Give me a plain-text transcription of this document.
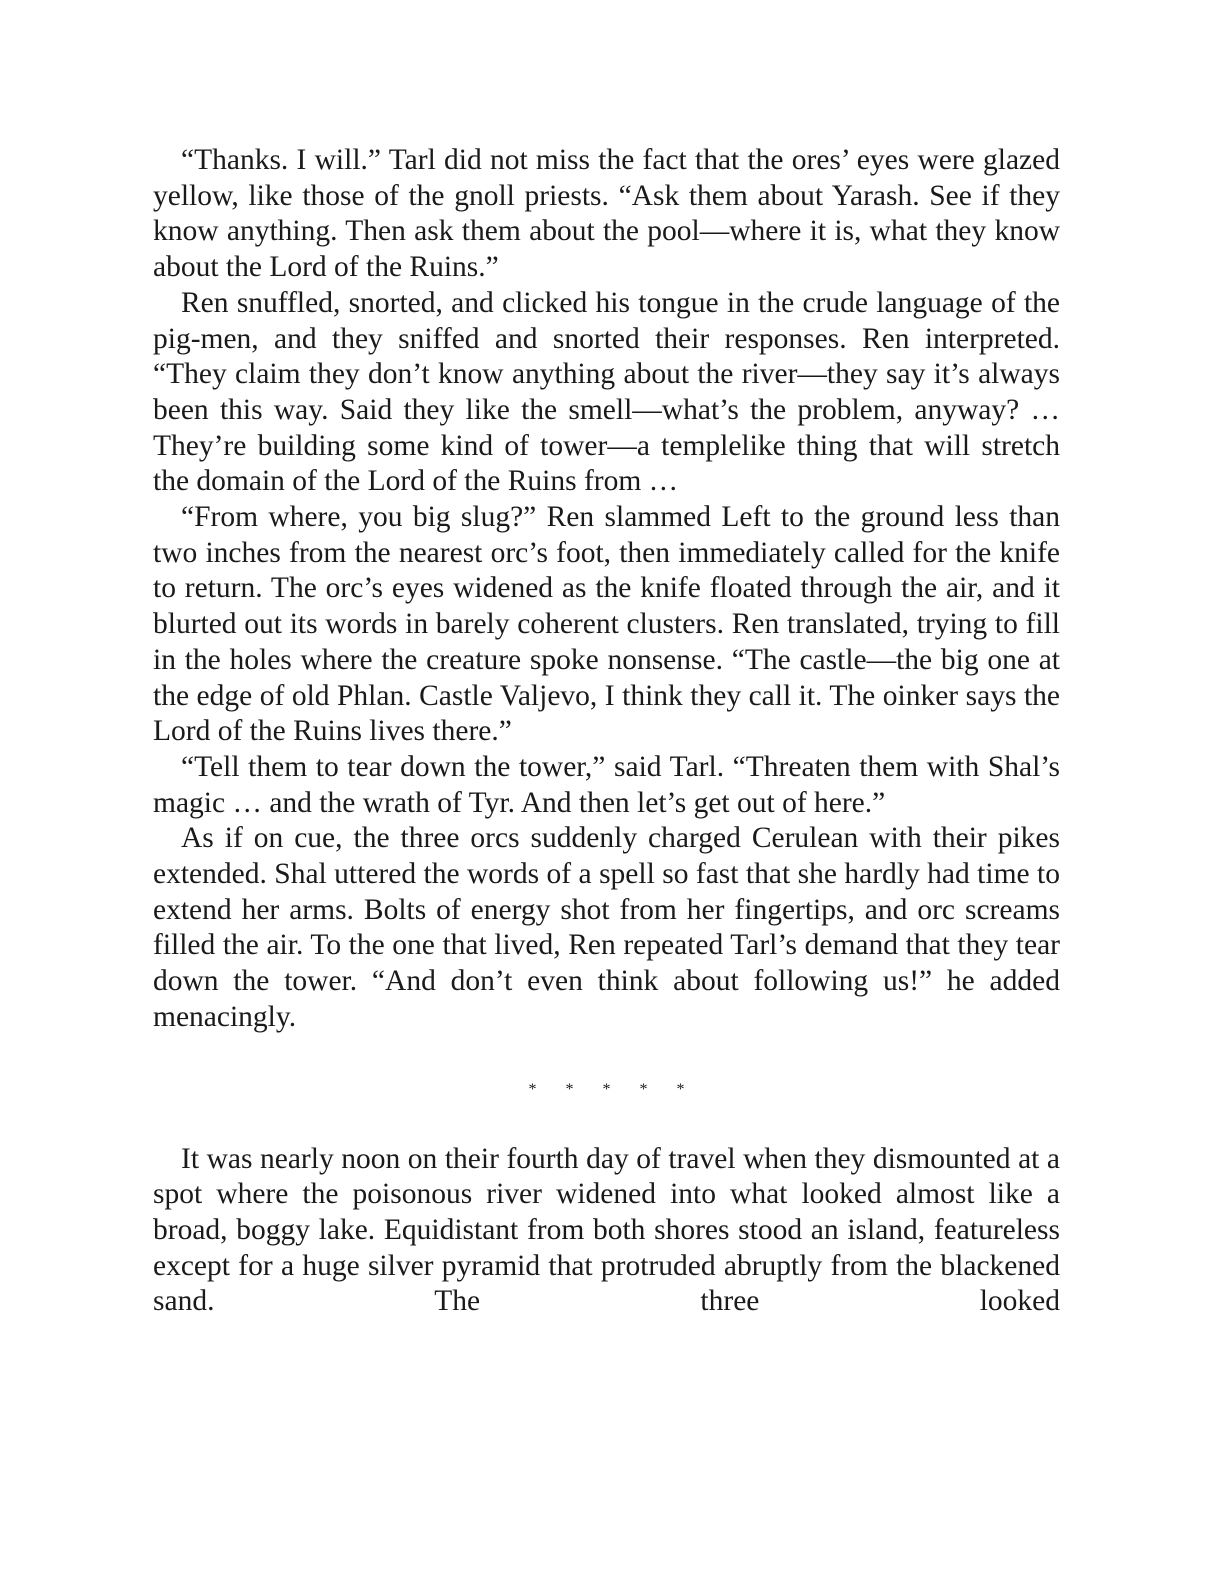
“Thanks. I will.” Tarl did not miss the fact that the ores’ eyes were glazed yellow, like those of the gnoll priests. “Ask them about Yarash. See if they know anything. Then ask them about the pool—where it is, what they know about the Lord of the Ruins.”

Ren snuffled, snorted, and clicked his tongue in the crude language of the pig-men, and they sniffed and snorted their responses. Ren interpreted. “They claim they don’t know anything about the river—they say it’s always been this way. Said they like the smell—what’s the problem, anyway? … They’re building some kind of tower—a templelike thing that will stretch the domain of the Lord of the Ruins from …

“From where, you big slug?” Ren slammed Left to the ground less than two inches from the nearest orc’s foot, then immediately called for the knife to return. The orc’s eyes widened as the knife floated through the air, and it blurted out its words in barely coherent clusters. Ren translated, trying to fill in the holes where the creature spoke nonsense. “The castle—the big one at the edge of old Phlan. Castle Valjevo, I think they call it. The oinker says the Lord of the Ruins lives there.”

“Tell them to tear down the tower,” said Tarl. “Threaten them with Shal’s magic … and the wrath of Tyr. And then let’s get out of here.”

As if on cue, the three orcs suddenly charged Cerulean with their pikes extended. Shal uttered the words of a spell so fast that she hardly had time to extend her arms. Bolts of energy shot from her fingertips, and orc screams filled the air. To the one that lived, Ren repeated Tarl’s demand that they tear down the tower. “And don’t even think about following us!” he added menacingly.

* * * * *

It was nearly noon on their fourth day of travel when they dismounted at a spot where the poisonous river widened into what looked almost like a broad, boggy lake. Equidistant from both shores stood an island, featureless except for a huge silver pyramid that protruded abruptly from the blackened sand. The three looked
